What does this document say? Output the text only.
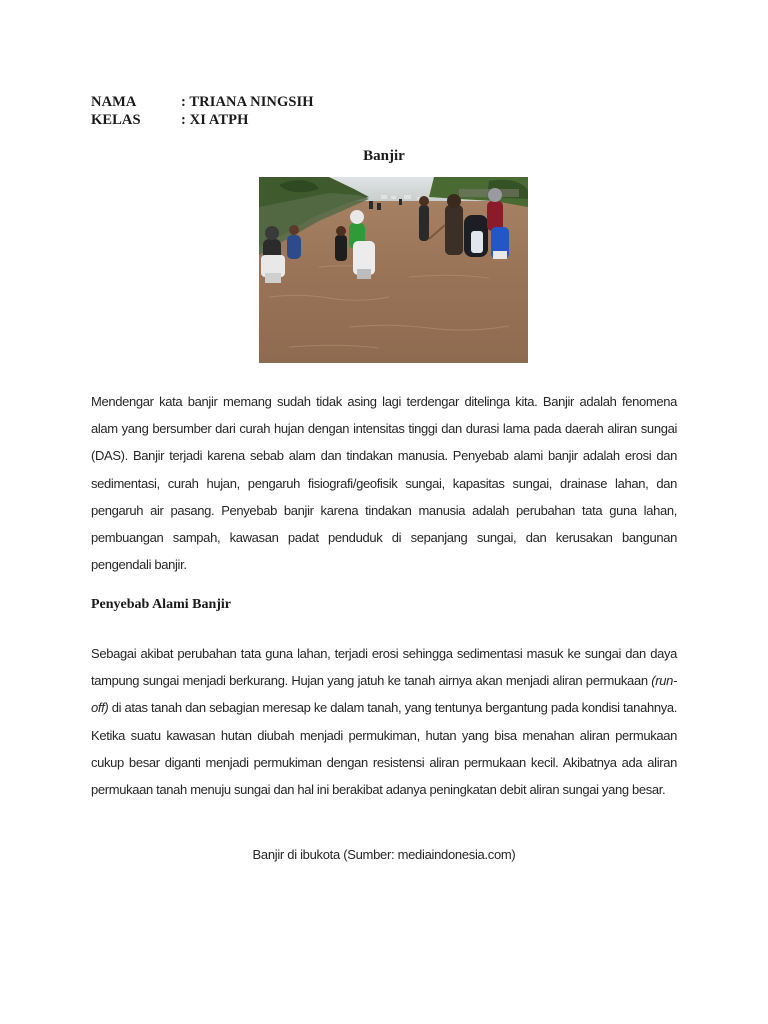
NAMA	: TRIANA NINGSIH
KELAS	: XI ATPH
Banjir

Mendengar kata banjir memang sudah tidak asing lagi terdengar ditelinga kita. Banjir adalah fenomena alam yang bersumber dari curah hujan dengan intensitas tinggi dan durasi lama pada daerah aliran sungai (DAS). Banjir terjadi karena sebab alam dan tindakan manusia. Penyebab alami banjir adalah erosi dan sedimentasi, curah hujan, pengaruh fisiografi/geofisik sungai, kapasitas sungai, drainase lahan, dan pengaruh air pasang. Penyebab banjir karena tindakan manusia adalah perubahan tata guna lahan, pembuangan sampah, kawasan padat penduduk di sepanjang sungai, dan kerusakan bangunan pengendali banjir.

Penyebab Alami Banjir

Sebagai akibat perubahan tata guna lahan, terjadi erosi sehingga sedimentasi masuk ke sungai dan daya tampung sungai menjadi berkurang. Hujan yang jatuh ke tanah airnya akan menjadi aliran permukaan (run-off) di atas tanah dan sebagian meresap ke dalam tanah, yang tentunya bergantung pada kondisi tanahnya. Ketika suatu kawasan hutan diubah menjadi permukiman, hutan yang bisa menahan aliran permukaan cukup besar diganti menjadi permukiman dengan resistensi aliran permukaan kecil. Akibatnya ada aliran permukaan tanah menuju sungai dan hal ini berakibat adanya peningkatan debit aliran sungai yang besar.

Banjir di ibukota (Sumber: mediaindonesia.com)
